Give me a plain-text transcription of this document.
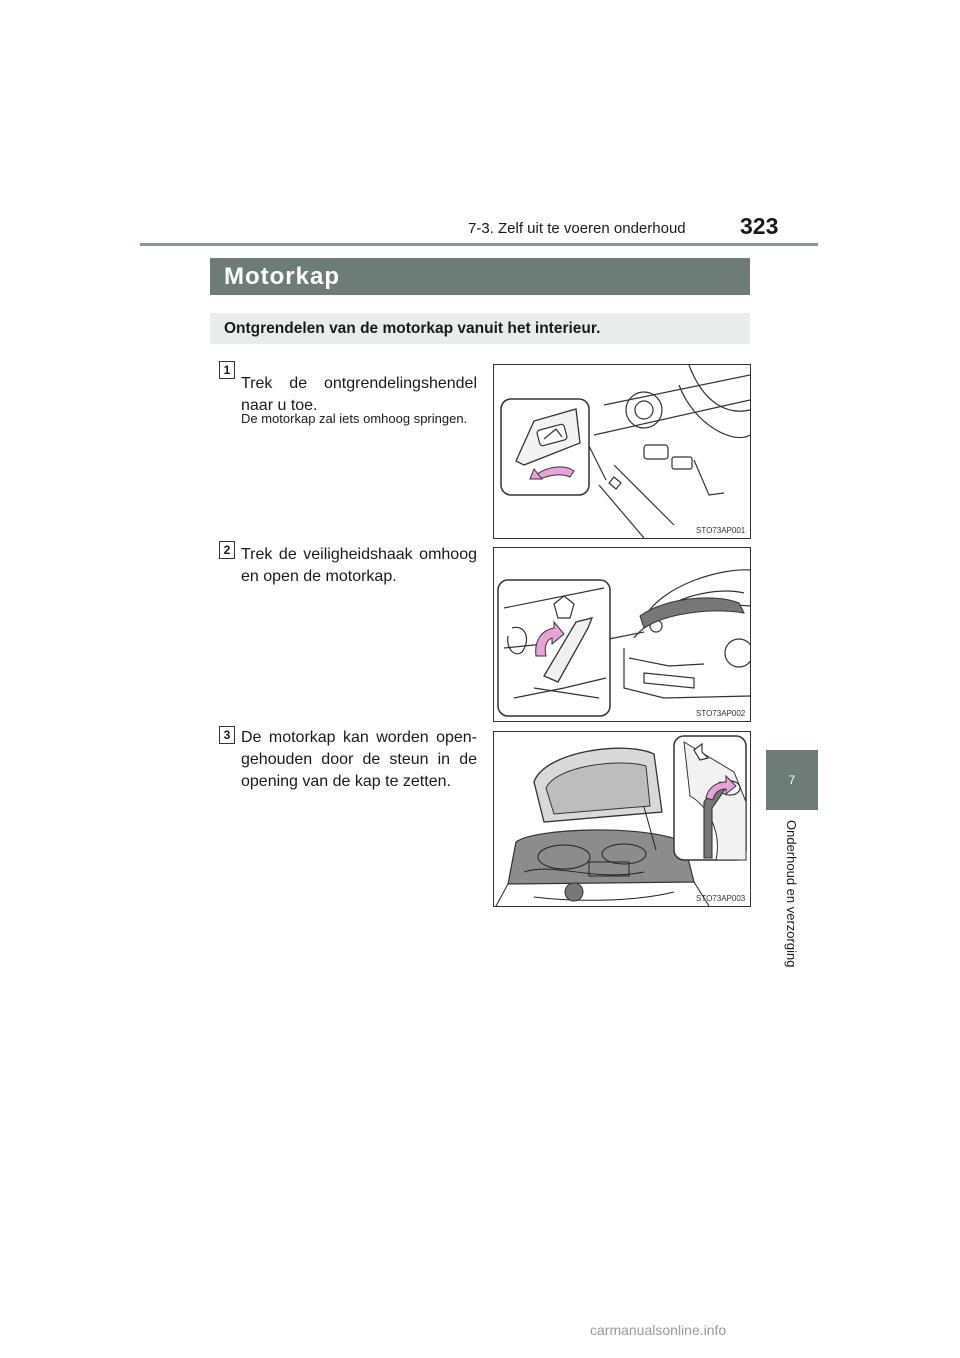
7-3. Zelf uit te voeren onderhoud 323
Motorkap
Ontgrendelen van de motorkap vanuit het interieur.
1
Trek de ontgrendelingshendel naar u toe.
De motorkap zal iets omhoog springen.
STO73AP001
2 Trek de veiligheidshaak omhoog en open de motorkap.
STO73AP002
3 De motorkap kan worden open-gehouden door de steun in de opening van de kap te zetten.
STO73AP003
7
Onderhoud en verzorging
carmanualsonline.info
